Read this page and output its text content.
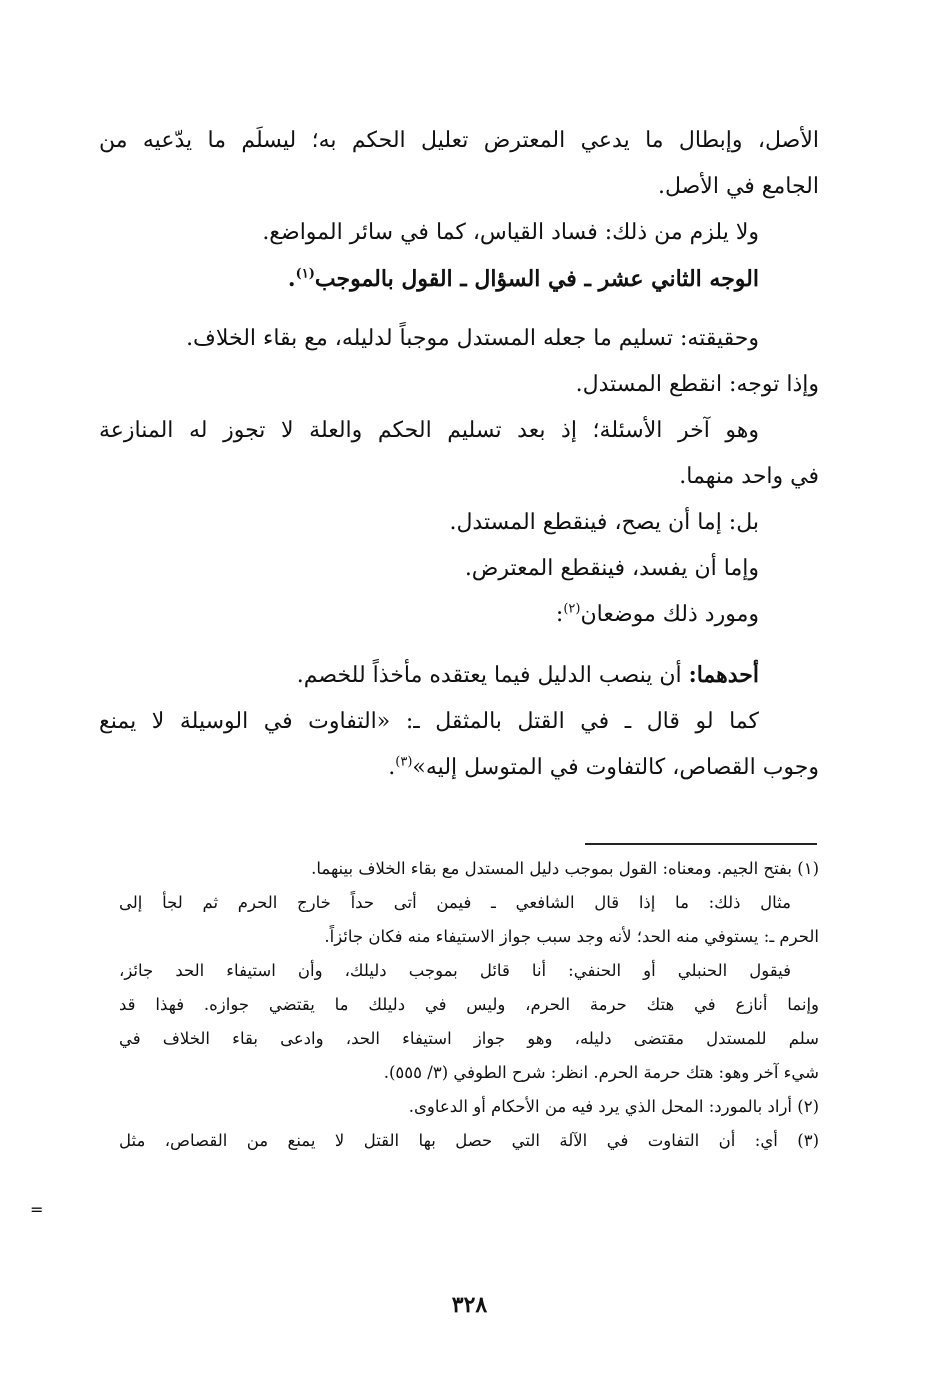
الأصل، وإبطال ما يدعي المعترض تعليل الحكم به؛ ليسلَم ما يدّعيه من

الجامع في الأصل.

ولا يلزم من ذلك: فساد القياس، كما في سائر المواضع.

الوجه الثاني عشر ـ في السؤال ـ القول بالموجب$^{(١)}$.

وحقيقته: تسليم ما جعله المستدل موجباً لدليله، مع بقاء الخلاف.

وإذا توجه: انقطع المستدل.

وهو آخر الأسئلة؛ إذ بعد تسليم الحكم والعلة لا تجوز له المنازعة

في واحد منهما.

بل: إما أن يصح، فينقطع المستدل.

وإما أن يفسد، فينقطع المعترض.

ومورد ذلك موضعان$^{(٢)}$:

أحدهما: أن ينصب الدليل فيما يعتقده مأخذاً للخصم.

كما لو قال ـ في القتل بالمثقل ـ: «التفاوت في الوسيلة لا يمنع

وجوب القصاص، كالتفاوت في المتوسل إليه»$^{(٣)}$.

(١) بفتح الجيم. ومعناه: القول بموجب دليل المستدل مع بقاء الخلاف بينهما.

مثال ذلك: ما إذا قال الشافعي ـ فيمن أتى حداً خارج الحرم ثم لجأ إلى

الحرم ـ: يستوفي منه الحد؛ لأنه وجد سبب جواز الاستيفاء منه فكان جائزاً.

فيقول الحنبلي أو الحنفي: أنا قائل بموجب دليلك، وأن استيفاء الحد جائز،

وإنما أنازع في هتك حرمة الحرم، وليس في دليلك ما يقتضي جوازه. فهذا قد

سلم للمستدل مقتضى دليله، وهو جواز استيفاء الحد، وادعى بقاء الخلاف في

شيء آخر وهو: هتك حرمة الحرم. انظر: شرح الطوفي (٣/ ٥٥٥).

(٢) أراد بالمورد: المحل الذي يرد فيه من الأحكام أو الدعاوى.

(٣) أي: أن التفاوت في الآلة التي حصل بها القتل لا يمنع من القصاص، مثل

=
٣٢٨
